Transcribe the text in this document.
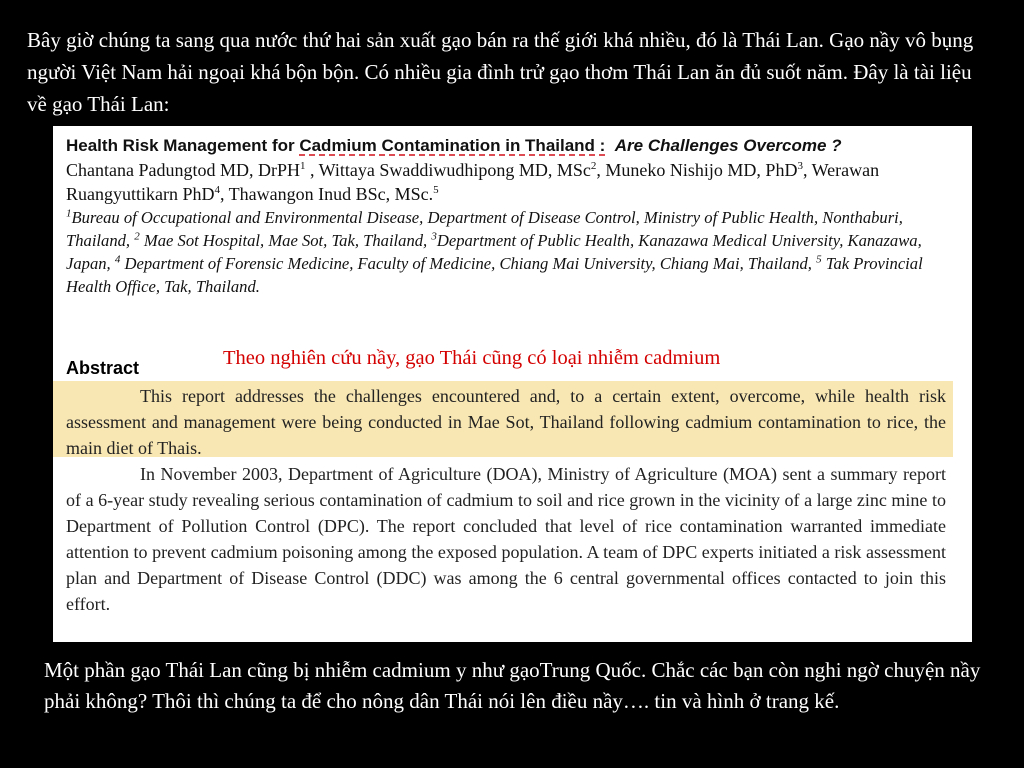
Bây giờ chúng ta sang qua nước thứ hai sản xuất gạo bán ra thế giới khá nhiều, đó là Thái Lan. Gạo nầy vô bụng người Việt Nam hải ngoại khá bộn bộn. Có nhiều gia đình trử gạo thơm Thái Lan ăn đủ suốt năm. Đây là tài liệu về gạo Thái Lan:

Health Risk Management for Cadmium Contamination in Thailand : Are Challenges Overcome ?

Chantana Padungtod MD, DrPH$^1$ , Wittaya Swaddiwudhipong MD, MSc$^2$, Muneko Nishijo MD, PhD$^3$, Werawan Ruangyuttikarn PhD$^4$, Thawangon Inud BSc, MSc.$^5$

$^1$Bureau of Occupational and Environmental Disease, Department of Disease Control, Ministry of Public Health, Nonthaburi, Thailand, $^2$ Mae Sot Hospital, Mae Sot, Tak, Thailand, $^3$Department of Public Health, Kanazawa Medical University, Kanazawa, Japan, $^4$ Department of Forensic Medicine, Faculty of Medicine, Chiang Mai University, Chiang Mai, Thailand, $^5$ Tak Provincial Health Office, Tak, Thailand.

Abstract	Theo nghiên cứu nầy, gạo Thái cũng có loại nhiễm cadmium

This report addresses the challenges encountered and, to a certain extent, overcome, while health risk assessment and management were being conducted in Mae Sot, Thailand following cadmium contamination to rice, the main diet of Thais.

In November 2003, Department of Agriculture (DOA), Ministry of Agriculture (MOA) sent a summary report of a 6-year study revealing serious contamination of cadmium to soil and rice grown in the vicinity of a large zinc mine to Department of Pollution Control (DPC). The report concluded that level of rice contamination warranted immediate attention to prevent cadmium poisoning among the exposed population. A team of DPC experts initiated a risk assessment plan and Department of Disease Control (DDC) was among the 6 central governmental offices contacted to join this effort.

Một phần gạo Thái Lan cũng bị nhiễm cadmium y như gạoTrung Quốc. Chắc các bạn còn nghi ngờ chuyện nầy phải không? Thôi thì chúng ta để cho nông dân Thái nói lên điều nầy…. tin và hình ở trang kế.
